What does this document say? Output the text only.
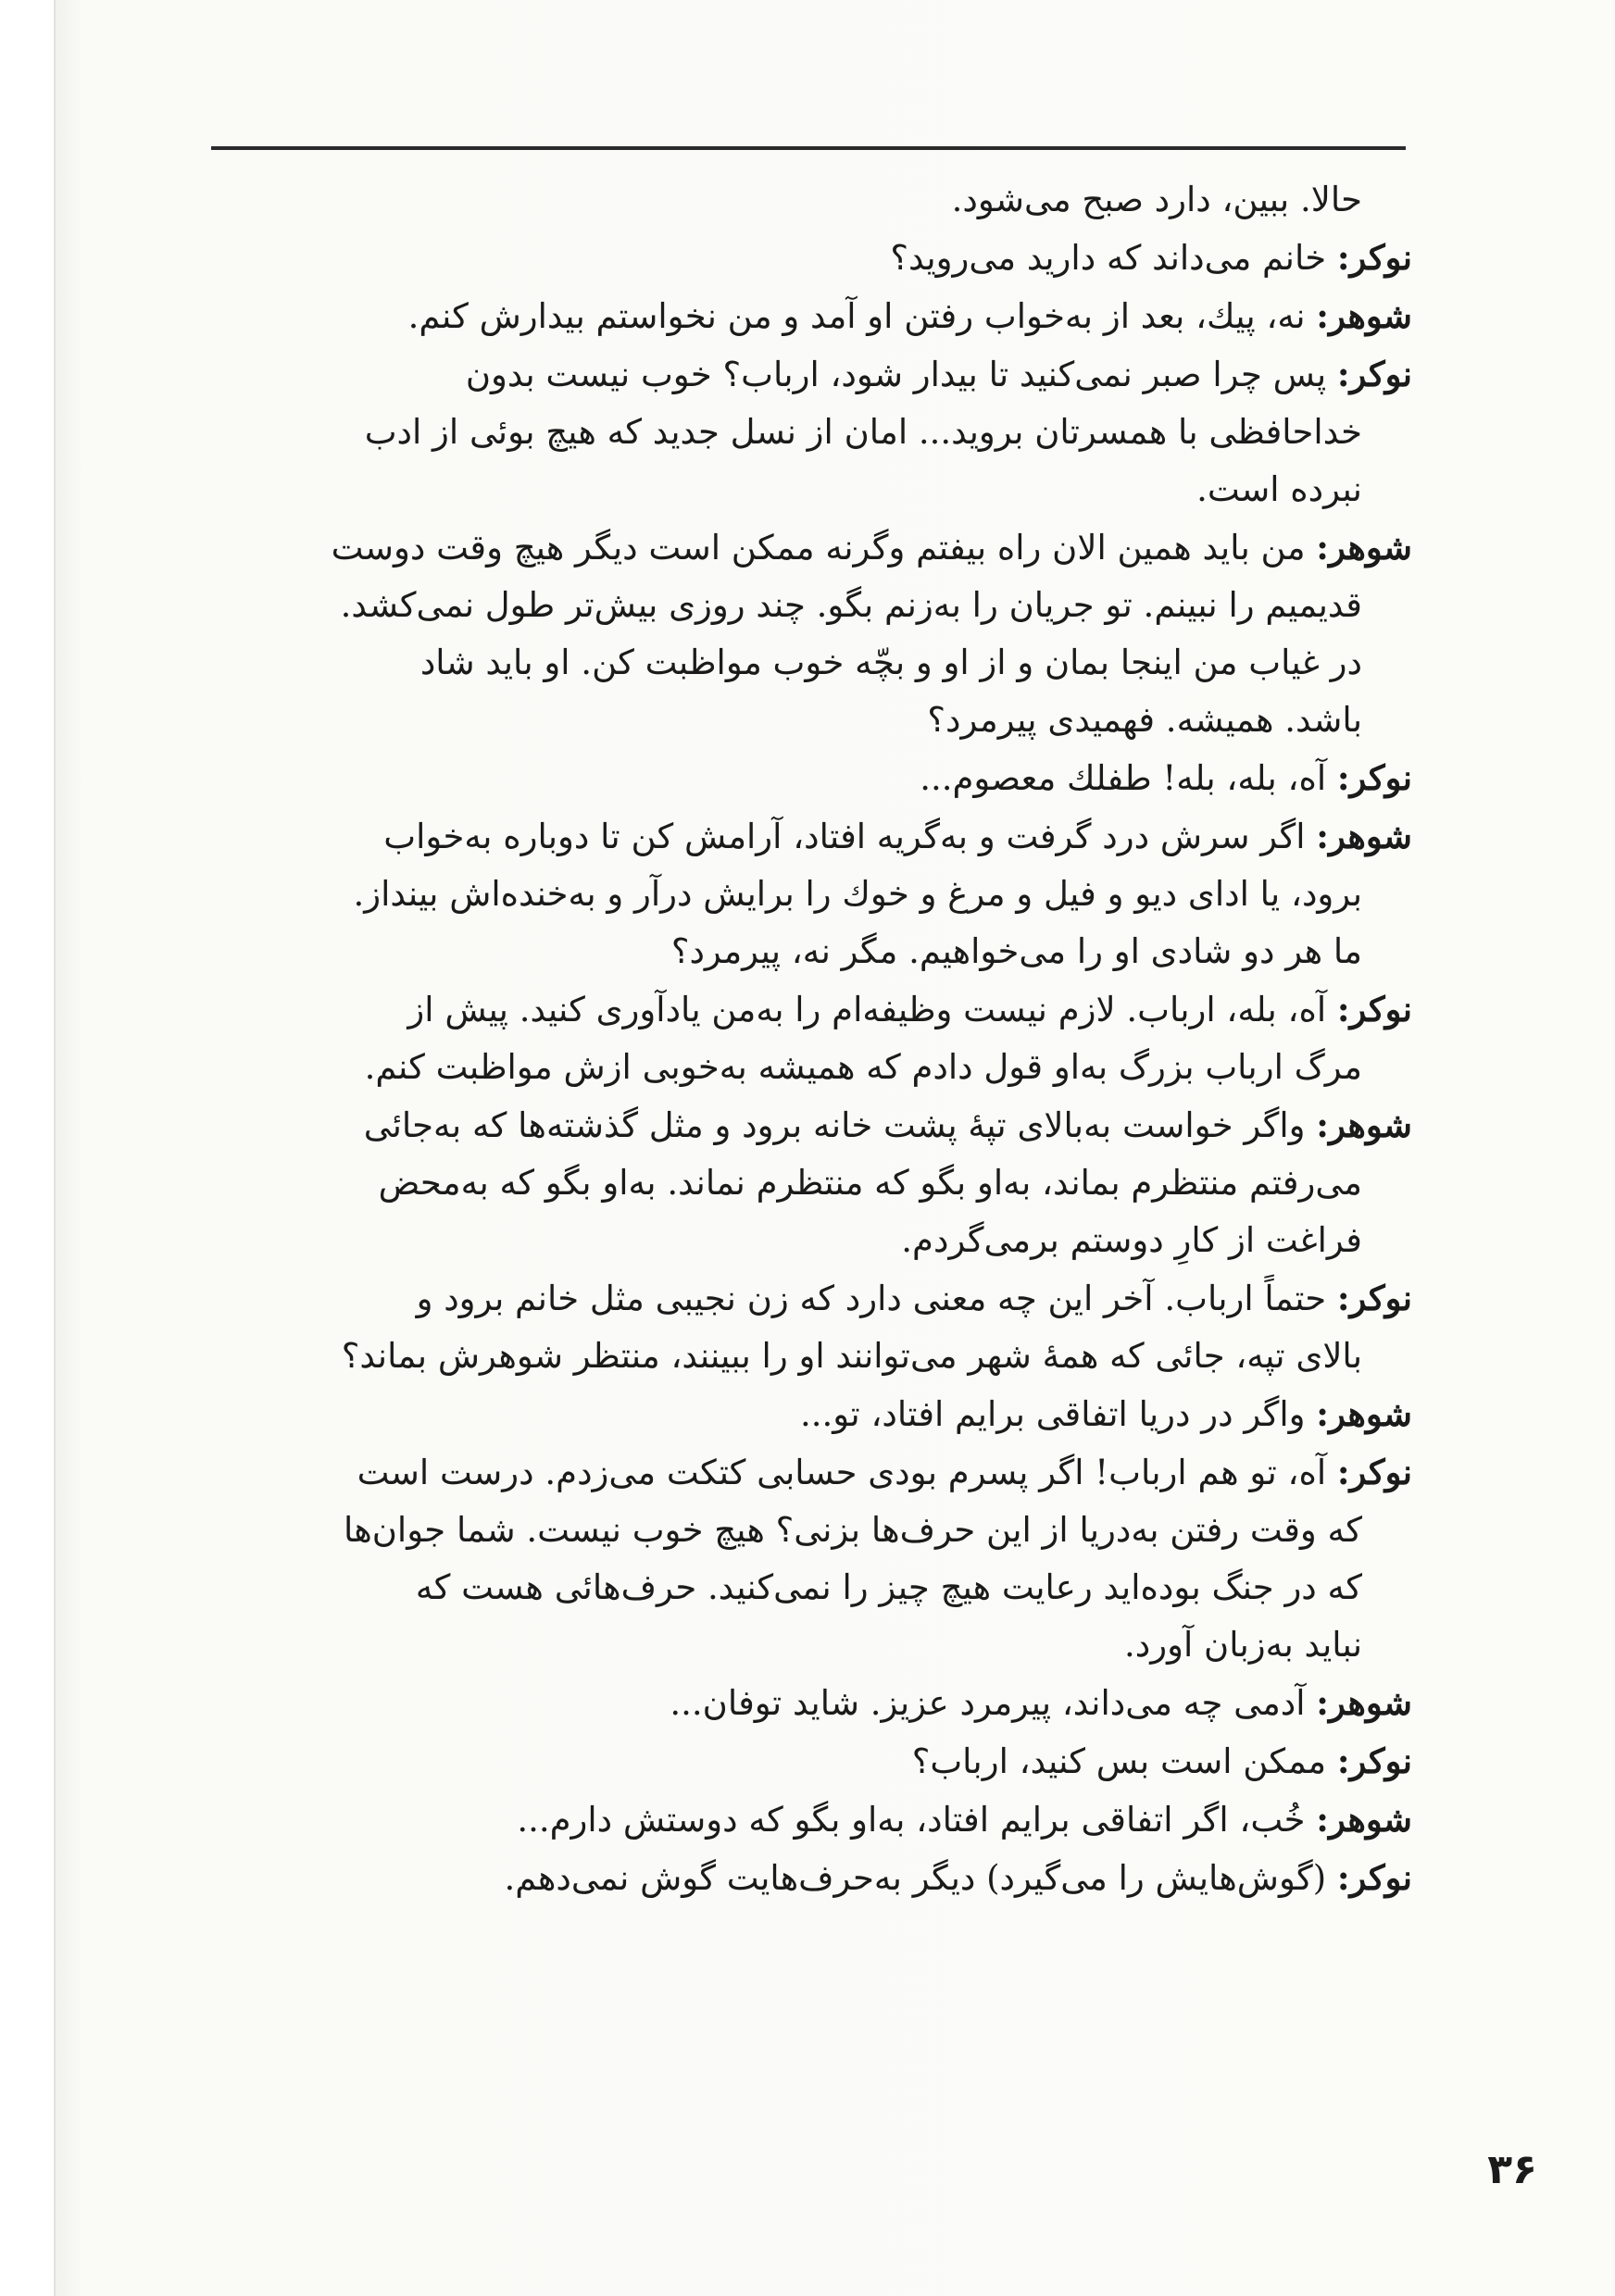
حالا. ببین، دارد صبح می‌شود.
نوکر: خانم می‌داند که دارید می‌روید؟
شوهر: نه، پیك، بعد از به‌خواب رفتن او آمد و من نخواستم بیدارش کنم.
نوکر: پس چرا صبر نمی‌کنید تا بیدار شود، ارباب؟ خوب نیست بدون
خداحافظی با همسرتان بروید... امان از نسل جدید که هیچ بوئی از ادب
نبرده است.
شوهر: من باید همین الان راه بیفتم وگرنه ممکن است دیگر هیچ وقت دوست
قدیمیم را نبینم. تو جریان را به‌زنم بگو. چند روزی بیش‌تر طول نمی‌کشد.
در غیاب من اینجا بمان و از او و بچّه خوب مواظبت کن. او باید شاد
باشد. همیشه. فهمیدی پیرمرد؟
نوکر: آه، بله، بله! طفلك معصوم...
شوهر: اگر سرش درد گرفت و به‌گریه افتاد، آرامش کن تا دوباره به‌خواب
برود، یا ادای دیو و فیل و مرغ و خوك را برایش درآر و به‌خنده‌اش بینداز.
ما هر دو شادی او را می‌خواهیم. مگر نه، پیرمرد؟
نوکر: آه، بله، ارباب. لازم نیست وظیفه‌ام را به‌من یادآوری کنید. پیش از
مرگ ارباب بزرگ به‌او قول دادم که همیشه به‌خوبی ازش مواظبت کنم.
شوهر: واگر خواست به‌بالای تپهٔ پشت خانه برود و مثل گذشته‌ها که به‌جائی
می‌رفتم منتظرم بماند، به‌او بگو که منتظرم نماند. به‌او بگو که به‌محض
فراغت از کارِ دوستم برمی‌گردم.
نوکر: حتماً ارباب. آخر این چه معنی دارد که زن نجیبی مثل خانم برود و
بالای تپه، جائی که همهٔ شهر می‌توانند او را ببینند، منتظر شوهرش بماند؟
شوهر: واگر در دریا اتفاقی برایم افتاد، تو...
نوکر: آه، تو هم ارباب! اگر پسرم بودی حسابی کتکت می‌زدم. درست است
که وقت رفتن به‌دریا از این حرف‌ها بزنی؟ هیچ خوب نیست. شما جوان‌ها
که در جنگ بوده‌اید رعایت هیچ چیز را نمی‌کنید. حرف‌هائی هست که
نباید به‌زبان آورد.
شوهر: آدمی چه می‌داند، پیرمرد عزیز. شاید توفان...
نوکر: ممکن است بس کنید، ارباب؟
شوهر: خُب، اگر اتفاقی برایم افتاد، به‌او بگو که دوستش دارم...
نوکر: (گوش‌هایش را می‌گیرد) دیگر به‌حرف‌هایت گوش نمی‌دهم.
۳۶
